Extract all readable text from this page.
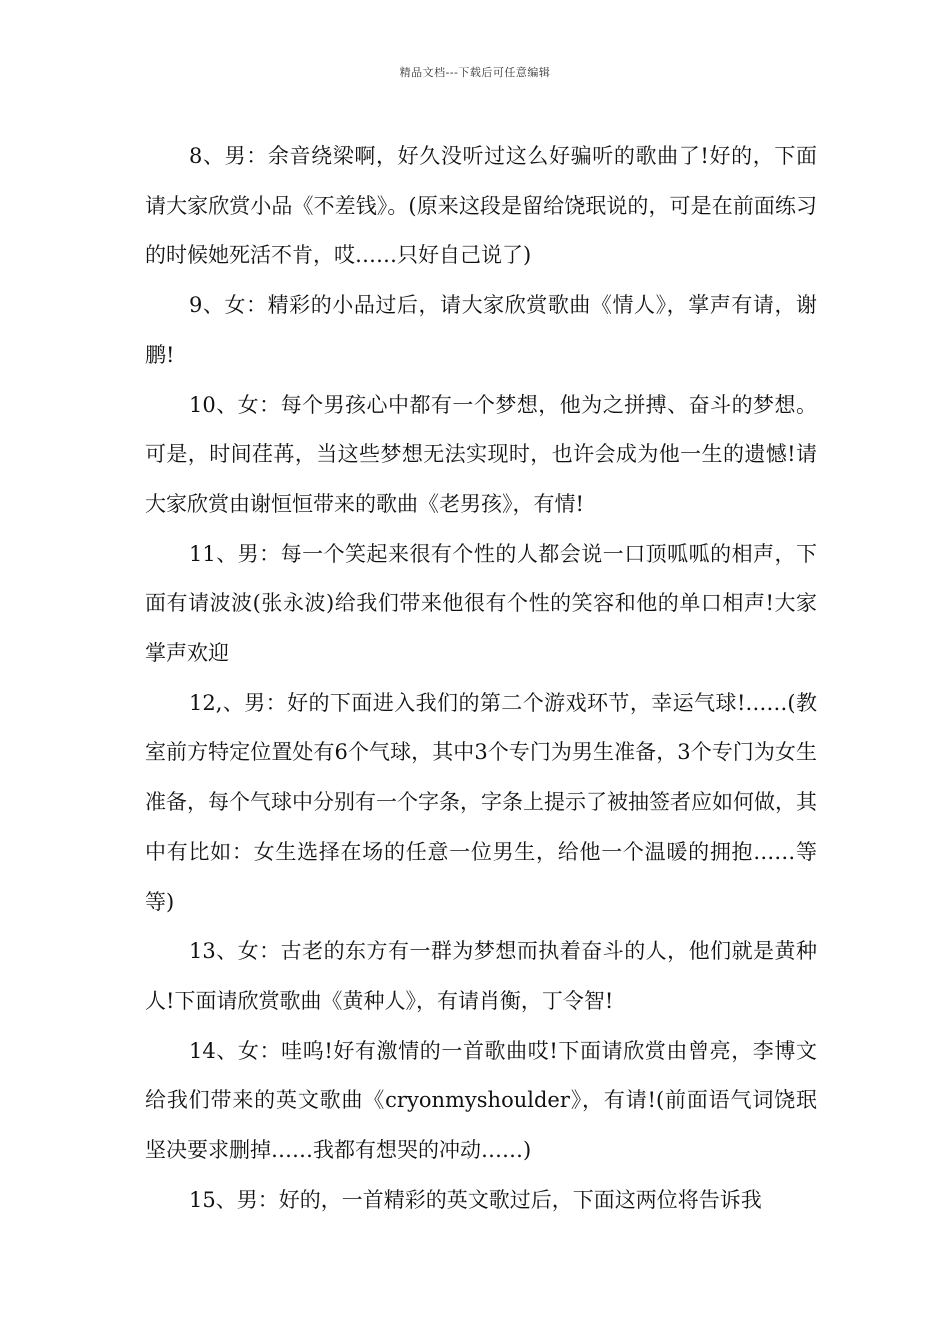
精品文档---下载后可任意编辑

8、男：余音绕梁啊，好久没听过这么好骗听的歌曲了!好的，下面请大家欣赏小品《不差钱》。(原来这段是留给饶珉说的，可是在前面练习的时候她死活不肯，哎……只好自己说了)

9、女：精彩的小品过后，请大家欣赏歌曲《情人》，掌声有请，谢鹏!

10、女：每个男孩心中都有一个梦想，他为之拼搏、奋斗的梦想。可是，时间荏苒，当这些梦想无法实现时，也许会成为他一生的遗憾!请大家欣赏由谢恒恒带来的歌曲《老男孩》，有情!

11、男：每一个笑起来很有个性的人都会说一口顶呱呱的相声，下面有请波波(张永波)给我们带来他很有个性的笑容和他的单口相声!大家掌声欢迎

12,、男：好的下面进入我们的第二个游戏环节，幸运气球!……(教室前方特定位置处有6个气球，其中3个专门为男生准备，3个专门为女生准备，每个气球中分别有一个字条，字条上提示了被抽签者应如何做，其中有比如：女生选择在场的任意一位男生，给他一个温暖的拥抱……等等)

13、女：古老的东方有一群为梦想而执着奋斗的人，他们就是黄种人!下面请欣赏歌曲《黄种人》，有请肖衡，丁令智!

14、女：哇呜!好有激情的一首歌曲哎!下面请欣赏由曾亮，李博文给我们带来的英文歌曲《cryonmyshoulder》，有请!(前面语气词饶珉坚决要求删掉……我都有想哭的冲动……)

15、男：好的，一首精彩的英文歌过后，下面这两位将告诉我
